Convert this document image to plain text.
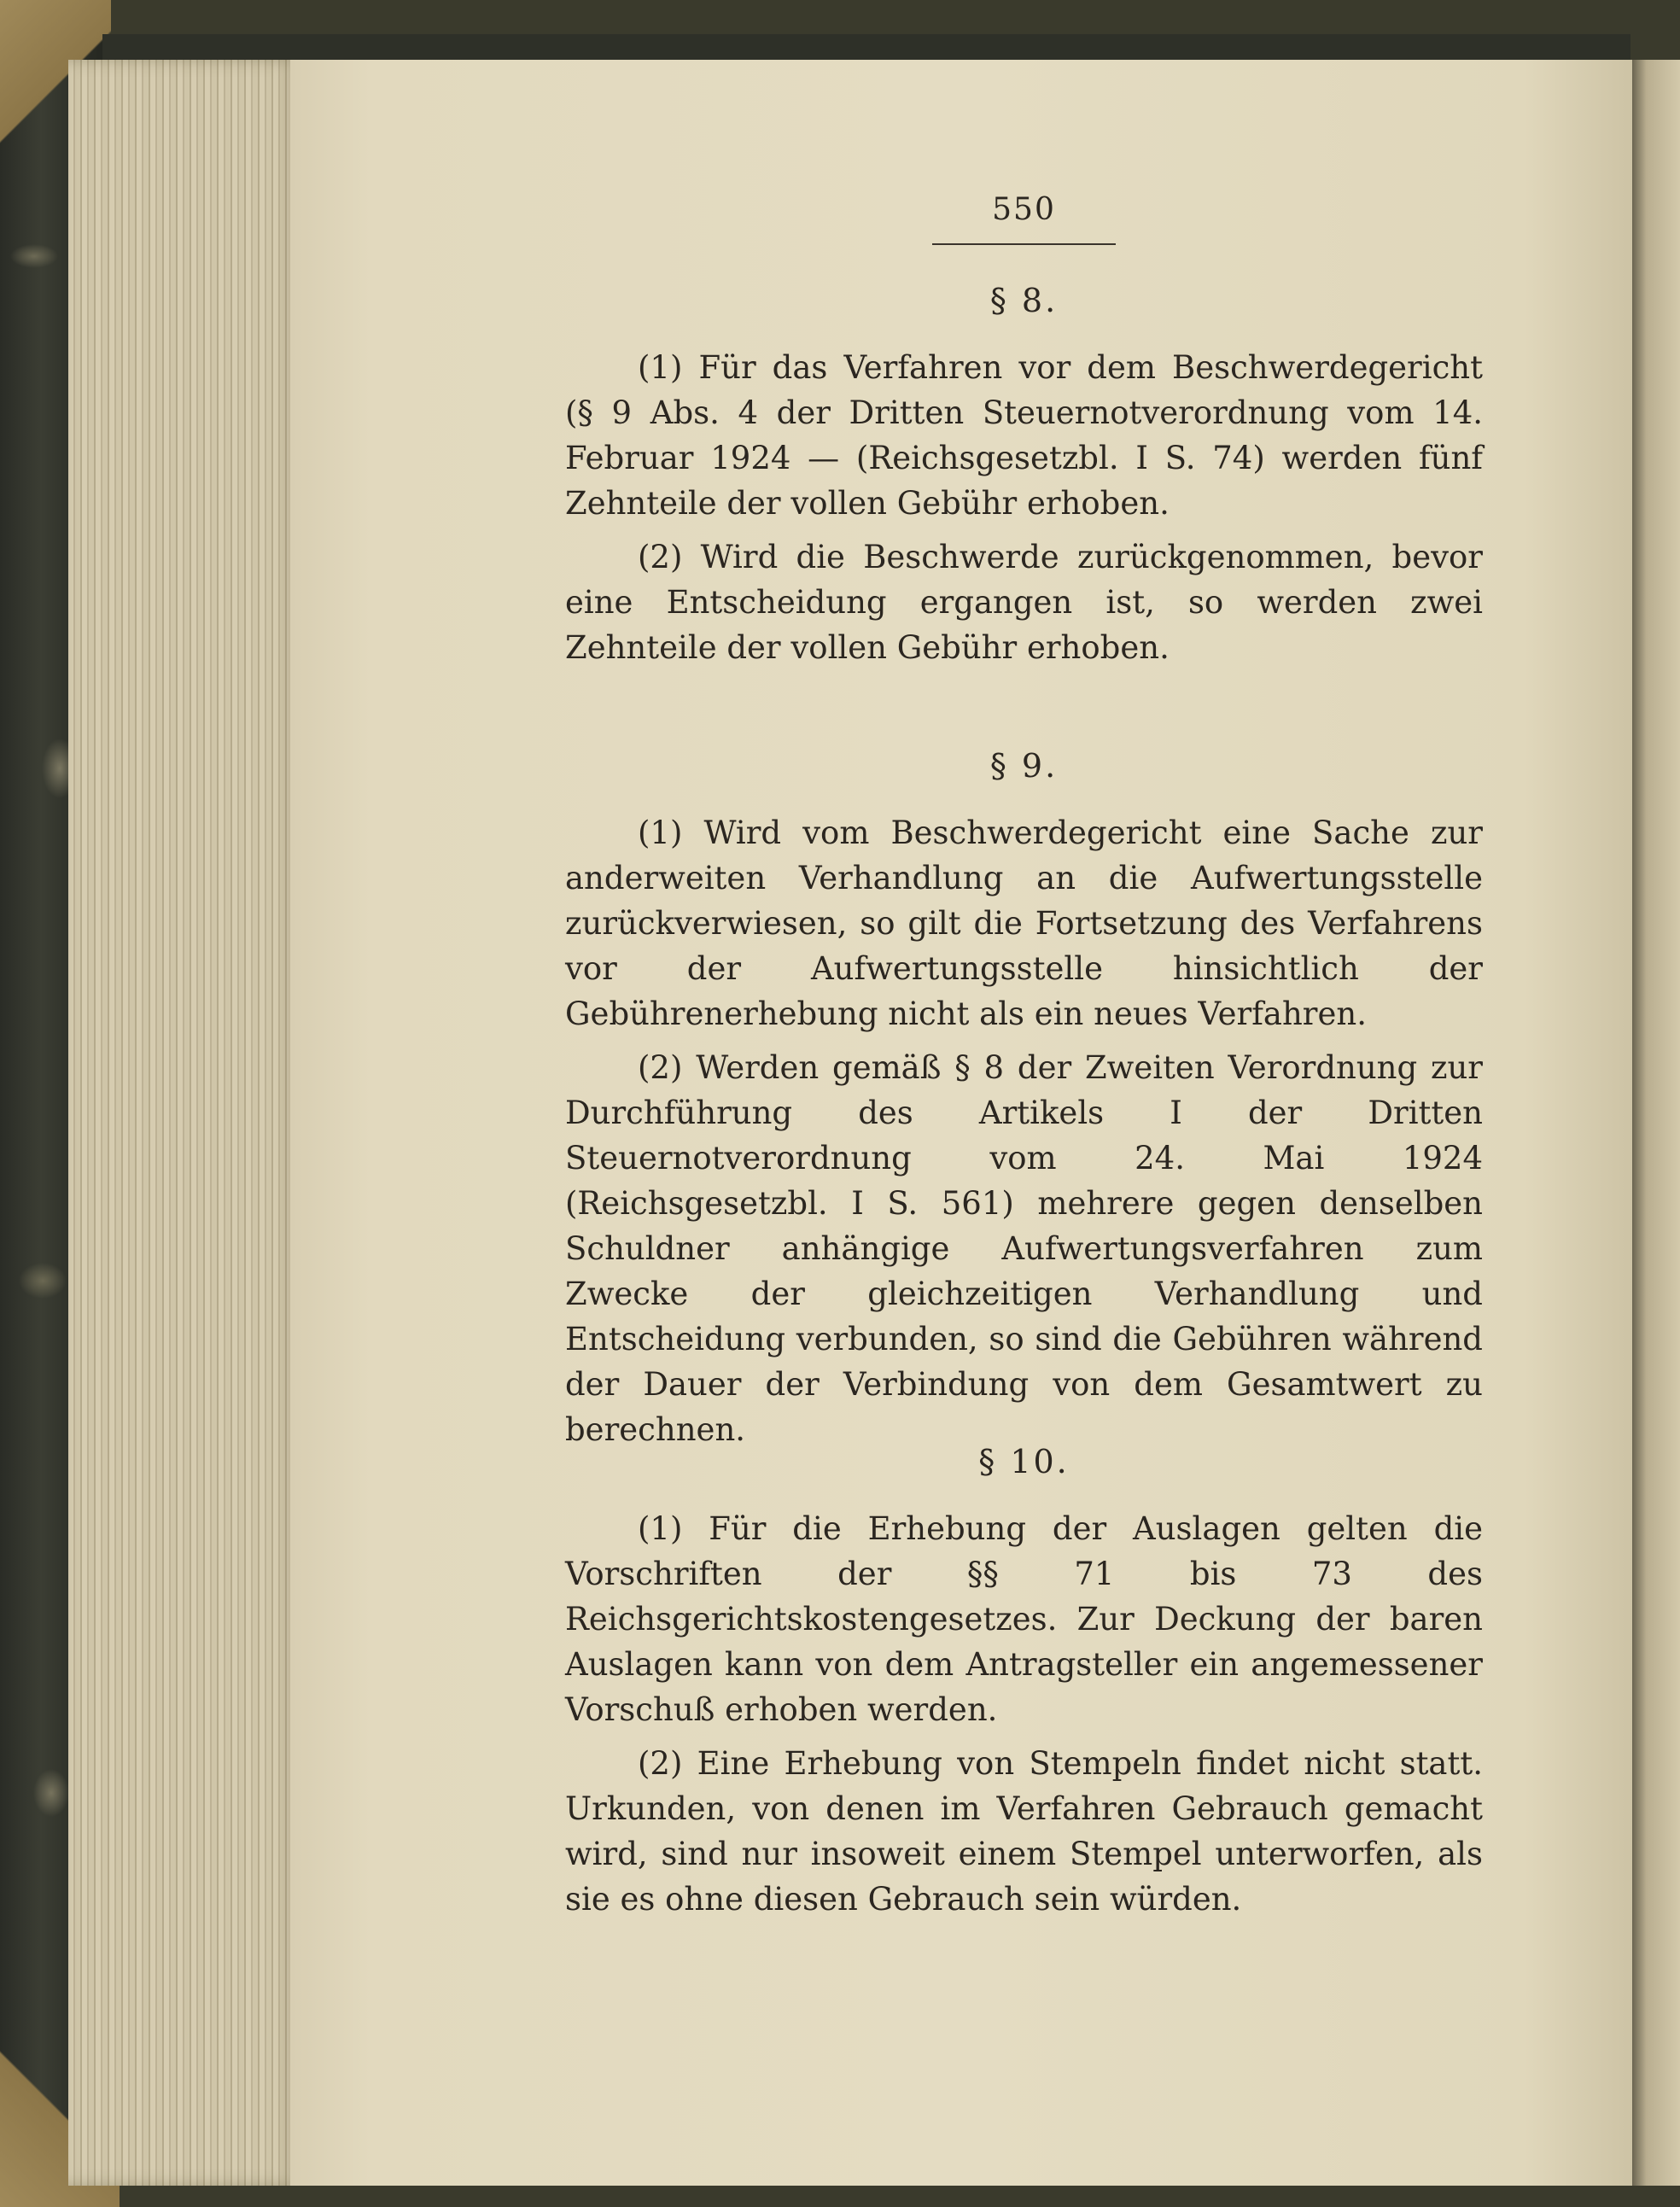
550

§ 8.

(1) Für das Verfahren vor dem Beschwerdegericht (§ 9 Abs. 4 der Dritten Steuernotverordnung vom 14. Februar 1924 — (Reichsgesetzbl. I S. 74) werden fünf Zehnteile der vollen Gebühr erhoben.

(2) Wird die Beschwerde zurückgenommen, bevor eine Entscheidung ergangen ist, so werden zwei Zehnteile der vollen Gebühr erhoben.

§ 9.

(1) Wird vom Beschwerdegericht eine Sache zur anderweiten Verhandlung an die Aufwertungsstelle zurückverwiesen, so gilt die Fortsetzung des Verfahrens vor der Aufwertungsstelle hinsichtlich der Gebührenerhebung nicht als ein neues Verfahren.

(2) Werden gemäß § 8 der Zweiten Verordnung zur Durchführung des Artikels I der Dritten Steuernotverordnung vom 24. Mai 1924 (Reichsgesetzbl. I S. 561) mehrere gegen denselben Schuldner anhängige Aufwertungsverfahren zum Zwecke der gleichzeitigen Verhandlung und Entscheidung verbunden, so sind die Gebühren während der Dauer der Verbindung von dem Gesamtwert zu berechnen.

§ 10.

(1) Für die Erhebung der Auslagen gelten die Vorschriften der §§ 71 bis 73 des Reichsgerichtskostengesetzes. Zur Deckung der baren Auslagen kann von dem Antragsteller ein angemessener Vorschuß erhoben werden.

(2) Eine Erhebung von Stempeln findet nicht statt. Urkunden, von denen im Verfahren Gebrauch gemacht wird, sind nur insoweit einem Stempel unterworfen, als sie es ohne diesen Gebrauch sein würden.
